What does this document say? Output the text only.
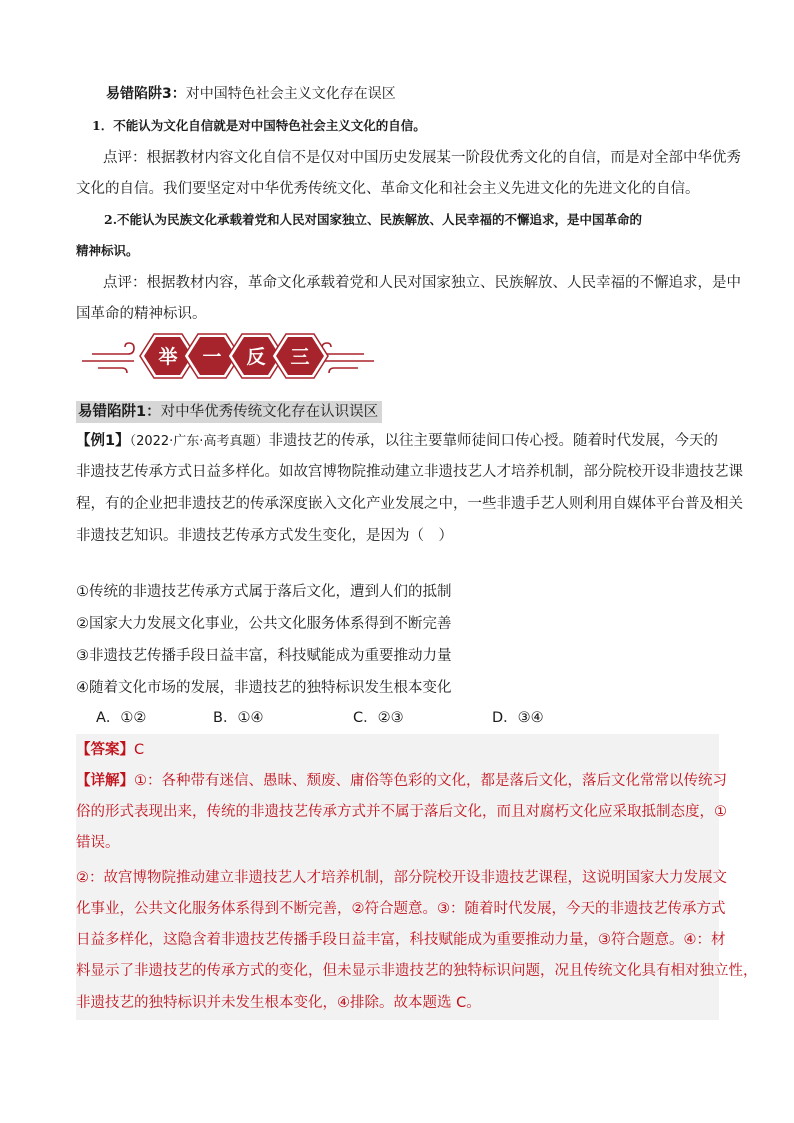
易错陷阱3：对中国特色社会主义文化存在误区
1．不能认为文化自信就是对中国特色社会主义文化的自信。
点评：根据教材内容文化自信不是仅对中国历史发展某一阶段优秀文化的自信，而是对全部中华优秀
文化的自信。我们要坚定对中华优秀传统文化、革命文化和社会主义先进文化的先进文化的自信。
2.不能认为民族文化承载着党和人民对国家独立、民族解放、人民幸福的不懈追求，是中国革命的
精神标识。
点评：根据教材内容，革命文化承载着党和人民对国家独立、民族解放、人民幸福的不懈追求，是中
国革命的精神标识。
举 一 反 三
易错陷阱1：对中华优秀传统文化存在认识误区
【例1】（2022·广东·高考真题）非遗技艺的传承，以往主要靠师徒间口传心授。随着时代发展，今天的
非遗技艺传承方式日益多样化。如故宫博物院推动建立非遗技艺人才培养机制，部分院校开设非遗技艺课
程，有的企业把非遗技艺的传承深度嵌入文化产业发展之中，一些非遗手艺人则利用自媒体平台普及相关
非遗技艺知识。非遗技艺传承方式发生变化，是因为（　）
①传统的非遗技艺传承方式属于落后文化，遭到人们的抵制
②国家大力发展文化事业，公共文化服务体系得到不断完善
③非遗技艺传播手段日益丰富，科技赋能成为重要推动力量
④随着文化市场的发展，非遗技艺的独特标识发生根本变化
A．①②	B．①④	C．②③	D．③④
【答案】C
【详解】①：各种带有迷信、愚昧、颓废、庸俗等色彩的文化，都是落后文化，落后文化常常以传统习
俗的形式表现出来，传统的非遗技艺传承方式并不属于落后文化，而且对腐朽文化应采取抵制态度，①
错误。
②：故宫博物院推动建立非遗技艺人才培养机制，部分院校开设非遗技艺课程，这说明国家大力发展文
化事业，公共文化服务体系得到不断完善，②符合题意。③：随着时代发展，今天的非遗技艺传承方式
日益多样化，这隐含着非遗技艺传播手段日益丰富，科技赋能成为重要推动力量，③符合题意。④：材
料显示了非遗技艺的传承方式的变化，但未显示非遗技艺的独特标识问题，况且传统文化具有相对独立性，
非遗技艺的独特标识并未发生根本变化，④排除。故本题选 C。
